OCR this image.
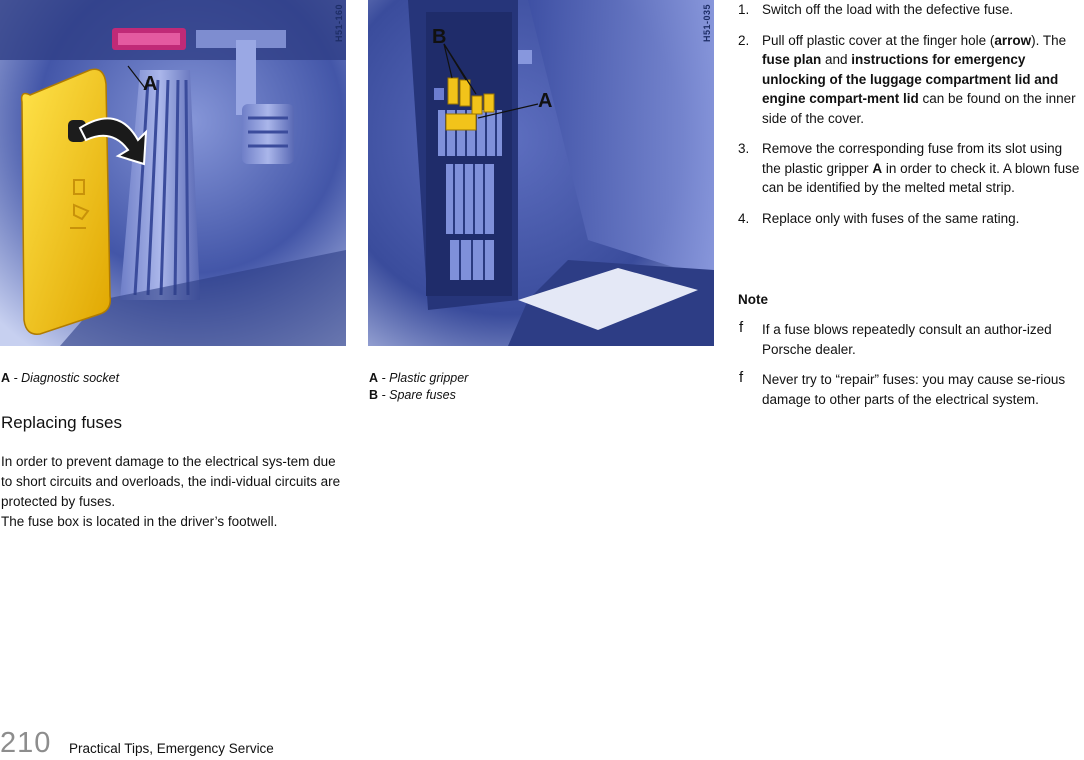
H51-160
A
H51-035
B
A
A - Diagnostic socket	A - Plastic gripper
B - Spare fuses
Replacing fuses

In order to prevent damage to the electrical sys-tem due to short circuits and overloads, the indi-vidual circuits are protected by fuses.

The fuse box is located in the driver’s footwell.

1. Switch off the load with the defective fuse.
2. Pull off plastic cover at the finger hole (arrow). The fuse plan and instructions for emergency unlocking of the luggage compartment lid and engine compart-ment lid can be found on the inner side of the cover.
3. Remove the corresponding fuse from its slot using the plastic gripper A in order to check it. A blown fuse can be identified by the melted metal strip.
4. Replace only with fuses of the same rating.
Note
f If a fuse blows repeatedly consult an author-ized Porsche dealer.
f Never try to “repair” fuses: you may cause se-rious damage to other parts of the electrical system.
210 Practical Tips, Emergency Service
